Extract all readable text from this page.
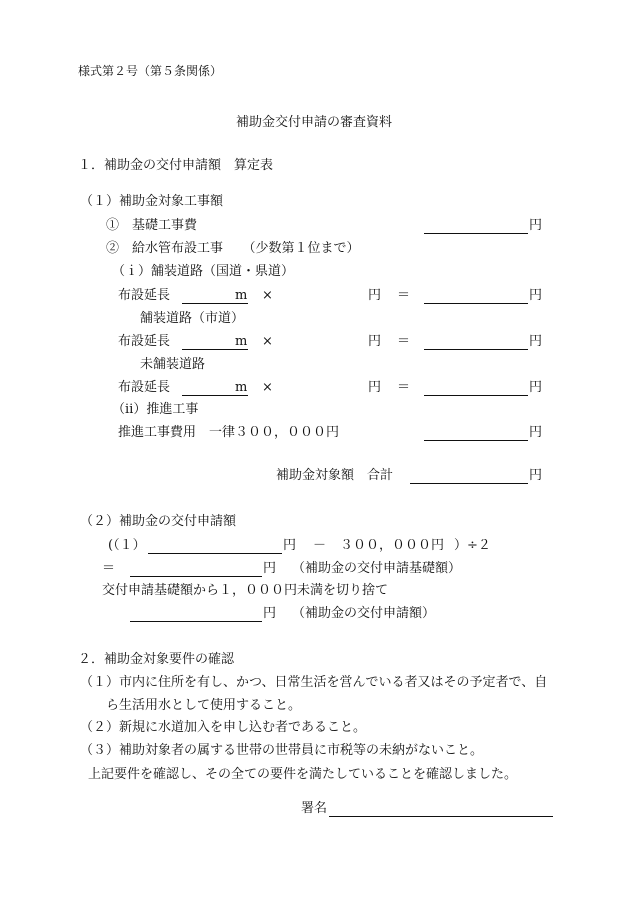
様式第２号（第５条関係）
補助金交付申請の審査資料
１．補助金の交付申請額　算定表
（１）補助金対象工事額
①　基礎工事費	円
②　給水管布設工事　　（少数第１位まで）
（ｉ）舗装道路（国道・県道）
布設延長	m ×	円 ＝	円
舗装道路（市道）
布設延長	m ×	円 ＝	円
未舗装道路
布設延長	m ×	円 ＝	円
（ⅱ）推進工事
推進工事費用　一律３００，０００円	円
補助金対象額　合計	円
（２）補助金の交付申請額
(（１）	円 － ３００，０００円 ）÷２
＝	円 （補助金の交付申請基礎額）
交付申請基礎額から１，０００円未満を切り捨て
円 （補助金の交付申請額）
２．補助金対象要件の確認
（１）市内に住所を有し、かつ、日常生活を営んでいる者又はその予定者で、自
ら生活用水として使用すること。
（２）新規に水道加入を申し込む者であること。
（３）補助対象者の属する世帯の世帯員に市税等の未納がないこと。
上記要件を確認し、その全ての要件を満たしていることを確認しました。
署名
